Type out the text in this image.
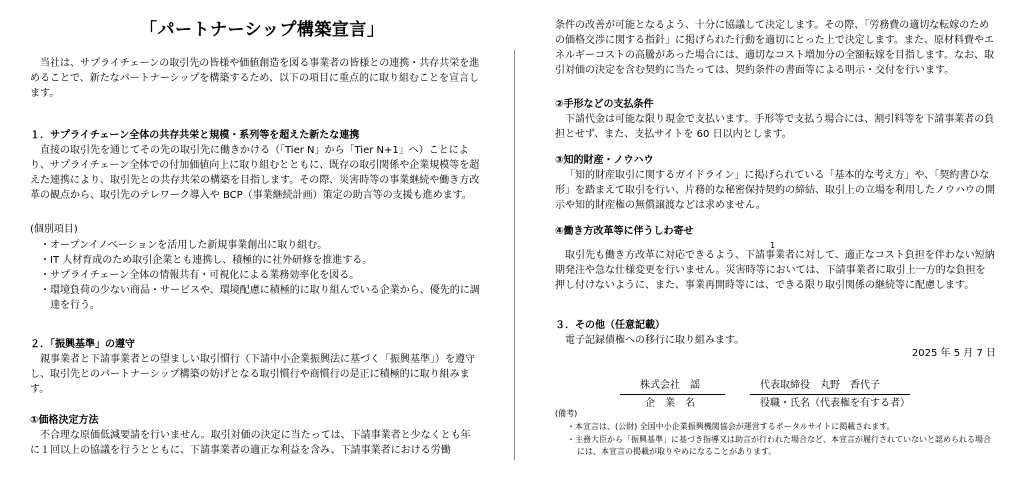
「パートナーシップ構築宣言」

当社は、サプライチェーンの取引先の皆様や価値創造を図る事業者の皆様との連携・共存共栄を進めることで、新たなパートナーシップを構築するため、以下の項目に重点的に取り組むことを宣言します。

１．サプライチェーン全体の共存共栄と規模・系列等を超えた新たな連携

直接の取引先を通じてその先の取引先に働きかける（「Tier N」から「Tier N+1」へ）ことにより、サプライチェーン全体での付加価値向上に取り組むとともに、既存の取引関係や企業規模等を超えた連携により、取引先との共存共栄の構築を目指します。その際、災害時等の事業継続や働き方改革の観点から、取引先のテレワーク導入や BCP（事業継続計画）策定の助言等の支援も進めます。

(個別項目)

・オープンイノベーションを活用した新規事業創出に取り組む。

・IT 人材育成のため取引企業とも連携し、積極的に社外研修を推進する。

・サプライチェーン全体の情報共有・可視化による業務効率化を図る。

・環境負荷の少ない商品・サービスや、環境配慮に積極的に取り組んでいる企業から、優先的に調達を行う。

２．「振興基準」の遵守

親事業者と下請事業者との望ましい取引慣行（下請中小企業振興法に基づく「振興基準」）を遵守し、取引先とのパートナーシップ構築の妨げとなる取引慣行や商慣行の是正に積極的に取り組みます。

①価格決定方法

不合理な原価低減要請を行いません。取引対価の決定に当たっては、下請事業者と少なくとも年に１回以上の協議を行うとともに、下請事業者の適正な利益を含み、下請事業者における労働

条件の改善が可能となるよう、十分に協議して決定します。その際、「労務費の適切な転嫁のための価格交渉に関する指針」に掲げられた行動を適切にとった上で決定します。また、原材料費やエネルギーコストの高騰があった場合には、適切なコスト増加分の全額転嫁を目指します。なお、取引対価の決定を含む契約に当たっては、契約条件の書面等による明示・交付を行います。

②手形などの支払条件

下請代金は可能な限り現金で支払います。手形等で支払う場合には、割引料等を下請事業者の負担とせず、また、支払サイトを 60 日以内とします。

③知的財産・ノウハウ

「知的財産取引に関するガイドライン」に掲げられている「基本的な考え方」や、「契約書ひな形」を踏まえて取引を行い、片務的な秘密保持契約の締結、取引上の立場を利用したノウハウの開示や知的財産権の無償譲渡などは求めません。

④働き方改革等に伴うしわ寄せ

取引先も働き方改革に対応できるよう、下請事業者に対して、適正なコスト負担を伴わない短納期発注や急な仕様変更を行いません。災害時等においては、下請事業者に取引上一方的な負担を押し付けないように、また、事業再開時等には、できる限り取引関係の継続等に配慮します。

３．その他（任意記載）

電子記録債権への移行に取り組みます。

1
2025 年 5 月 7 日
株式会社　謡
企　業　名
代表取締役　丸野　香代子
役職・氏名（代表権を有する者）

(備考)

・本宣言は、(公財) 全国中小企業振興機関協会が運営するポータルサイトに掲載されます。

・主務大臣から「振興基準」に基づき指導又は助言が行われた場合など、本宣言が履行されていないと認められる場合には、本宣言の掲載が取りやめになることがあります。
